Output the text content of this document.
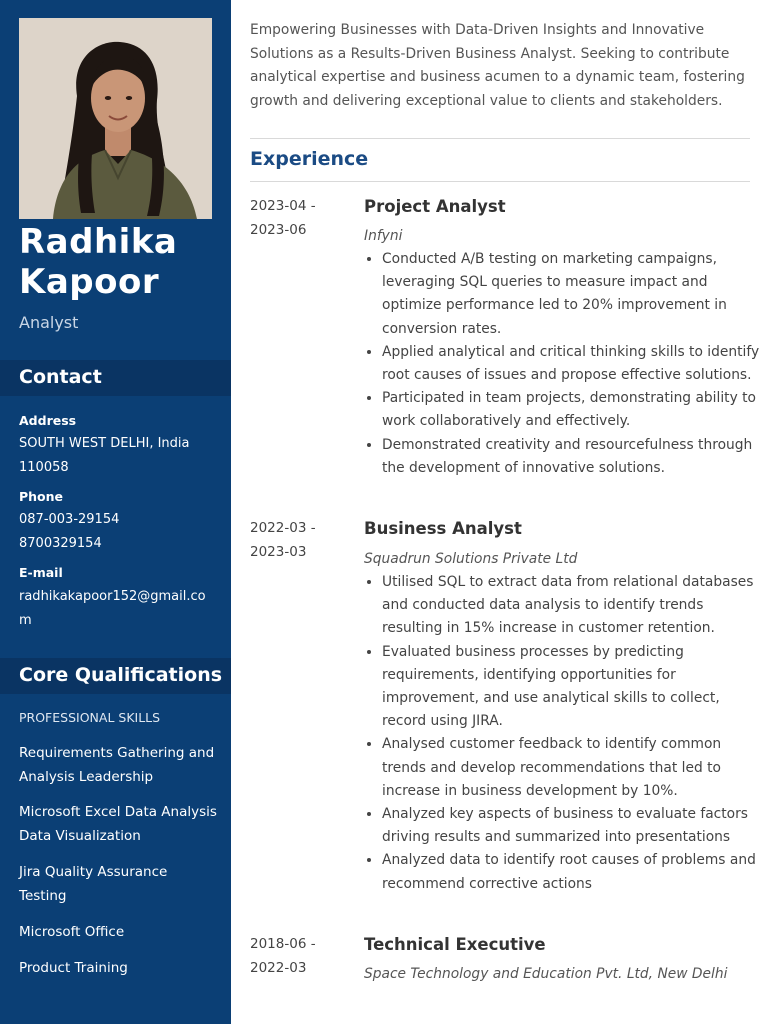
Radhika
Kapoor
Analyst
Contact
Address
SOUTH WEST DELHI, India
110058
Phone
087-003-29154
8700329154
E-mail
radhikakapoor152@gmail.co
m
Core Qualifications
PROFESSIONAL SKILLS
Requirements Gathering and Analysis Leadership
Microsoft Excel Data Analysis Data Visualization
Jira Quality Assurance Testing
Microsoft Office
Product Training
Empowering Businesses with Data-Driven Insights and Innovative Solutions as a Results-Driven Business Analyst. Seeking to contribute analytical expertise and business acumen to a dynamic team, fostering growth and delivering exceptional value to clients and stakeholders.
Experience
2023-04 -
2023-06
Project Analyst
Infyni
• Conducted A/B testing on marketing campaigns, leveraging SQL queries to measure impact and optimize performance led to 20% improvement in conversion rates.
• Applied analytical and critical thinking skills to identify root causes of issues and propose effective solutions.
• Participated in team projects, demonstrating ability to work collaboratively and effectively.
• Demonstrated creativity and resourcefulness through the development of innovative solutions.
2022-03 -
2023-03
Business Analyst
Squadrun Solutions Private Ltd
• Utilised SQL to extract data from relational databases and conducted data analysis to identify trends resulting in 15% increase in customer retention.
• Evaluated business processes by predicting requirements, identifying opportunities for improvement, and use analytical skills to collect, record using JIRA.
• Analysed customer feedback to identify common trends and develop recommendations that led to increase in business development by 10%.
• Analyzed key aspects of business to evaluate factors driving results and summarized into presentations
• Analyzed data to identify root causes of problems and recommend corrective actions
2018-06 -
2022-03
Technical Executive
Space Technology and Education Pvt. Ltd, New Delhi
